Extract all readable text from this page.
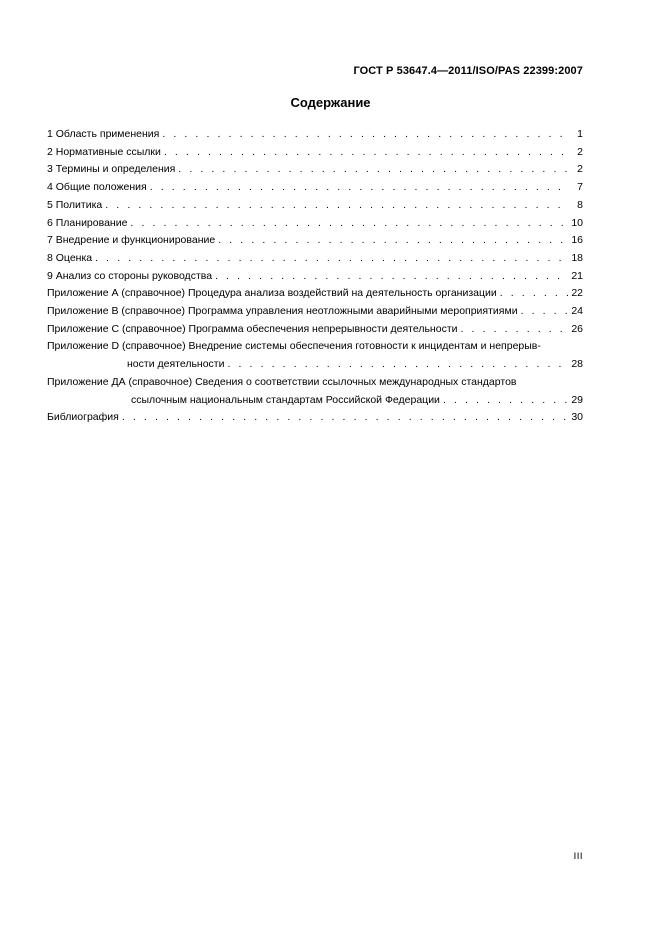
ГОСТ Р 53647.4—2011/ISO/PAS 22399:2007
Содержание
1 Область применения . . .	1
2 Нормативные ссылки . . .	2
3 Термины и определения . . .	2
4 Общие положения . . .	7
5 Политика . . .	8
6 Планирование . . .	10
7 Внедрение и функционирование . . .	16
8 Оценка . . .	18
9 Анализ со стороны руководства . . .	21
Приложение А (справочное) Процедура анализа воздействий на деятельность организации . . .	22
Приложение В (справочное) Программа управления неотложными аварийными мероприятиями . . .	24
Приложение С (справочное) Программа обеспечения непрерывности деятельности . . .	26
Приложение D (справочное) Внедрение системы обеспечения готовности к инцидентам и непрерыв-
ности деятельности . . .	28
Приложение ДА (справочное) Сведения о соответствии ссылочных международных стандартов
ссылочным национальным стандартам Российской Федерации . . .	29
Библиография . . .	30
III
